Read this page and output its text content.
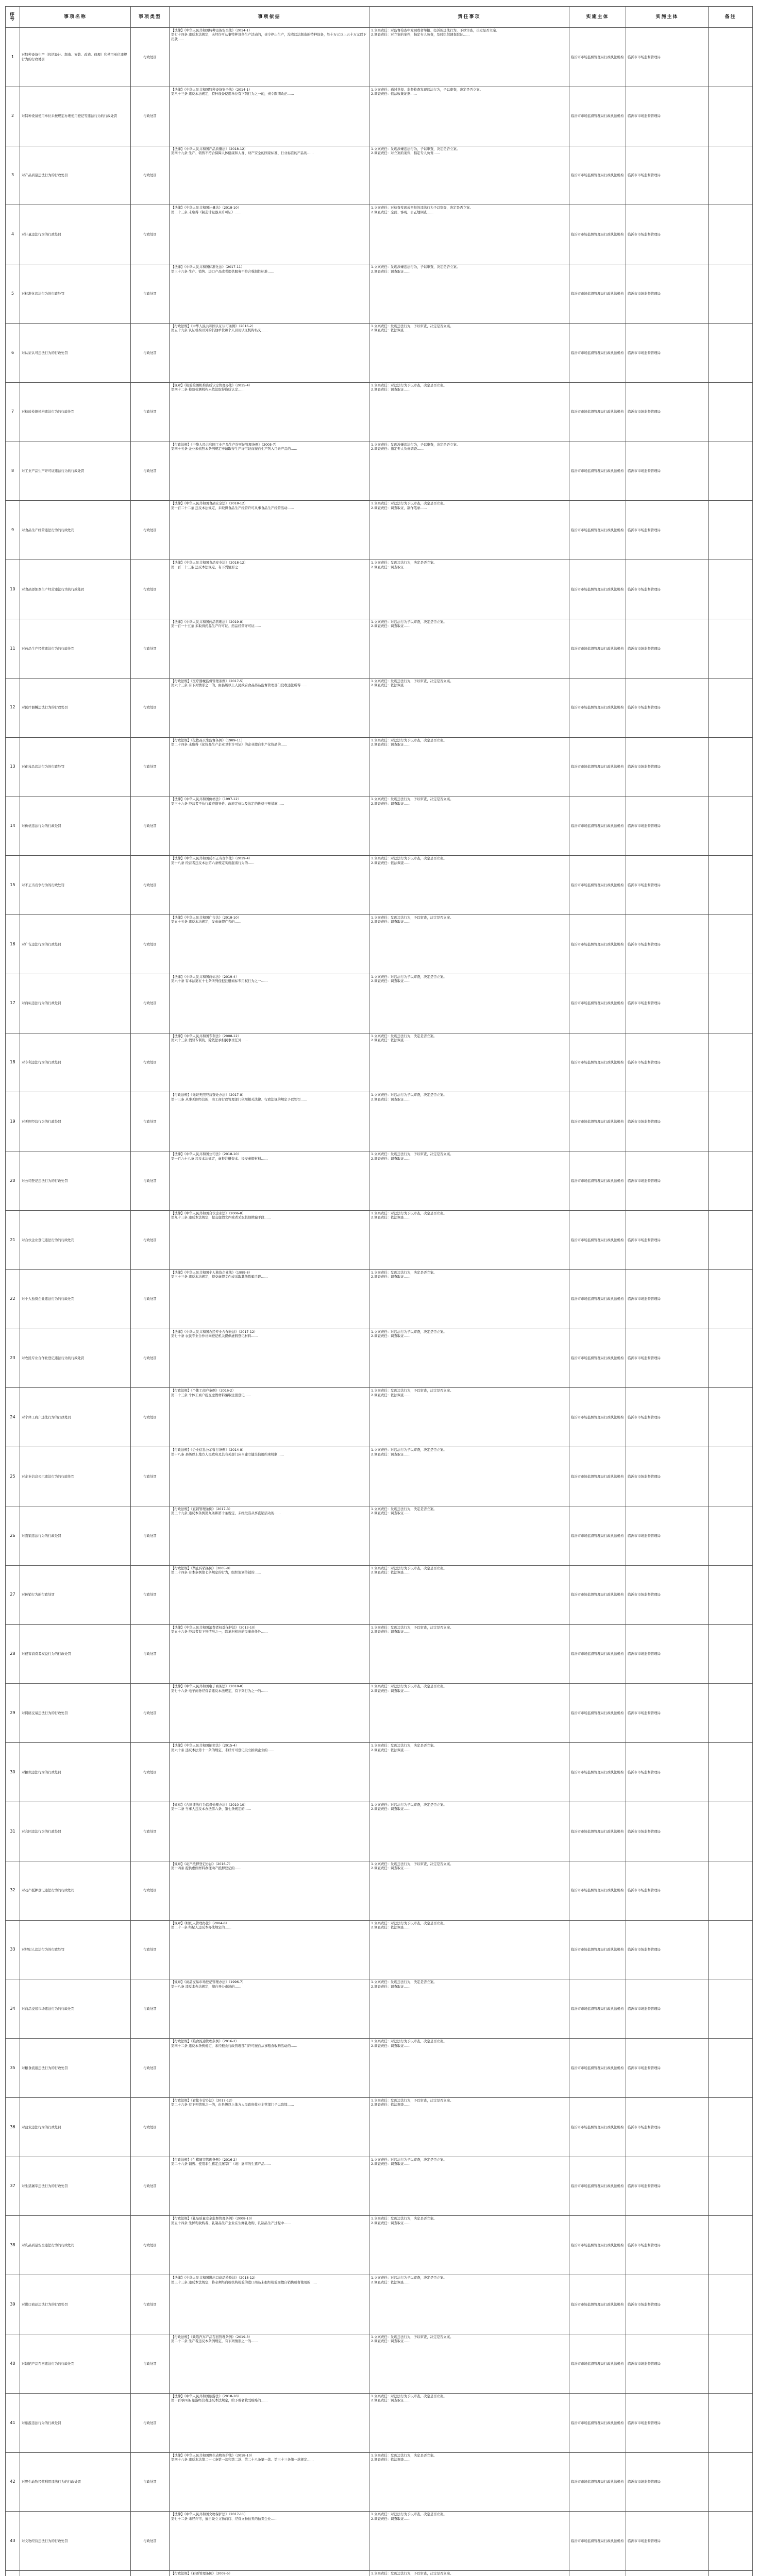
序号	事项名称	事项类型	事项依据	责任事项	实施主体	实施主体	备注
1	对特种设备生产（包括设计、制造、安装、改造、修理）和使用单位违规行为的行政处罚	行政处罚	【法律】《中华人民共和国特种设备安全法》（2014-1）
第七十四条 违反本法规定，未经许可从事特种设备生产活动的，责令停止生产，没收违法制造的特种设备，处十万元以上五十万元以下罚款……	1.立案责任：对监督检查中发现或者举报、投诉的违法行为，予以审查，决定是否立案。
2.调查责任：对立案的案件，指定专人负责，及时组织调查取证……	临沂市市场监督管理局行政执法机构	临沂市市场监督管理局	
2	对特种设备使用单位未按规定办理使用登记等违法行为的行政处罚	行政处罚	【法律】《中华人民共和国特种设备安全法》（2014-1）
第八十三条 违反本法规定，特种设备使用单位有下列行为之一的，责令限期改正……	1.立案责任：通过举报、监督检查发现违法行为，予以审查，决定是否立案。
2.调查责任：依法收集证据……	临沂市市场监督管理局行政执法机构	临沂市市场监督管理局	
3	对产品质量违法行为的行政处罚	行政处罚	【法律】《中华人民共和国产品质量法》（2018-12）
第四十九条 生产、销售不符合保障人体健康和人身、财产安全的国家标准、行业标准的产品的……	1.立案责任：发现涉嫌违法行为，予以审查，决定是否立案。
2.调查责任：对立案的案件，指定专人负责……	临沂市市场监督管理局行政执法机构	临沂市市场监督管理局	
4	对计量违法行为的行政处罚	行政处罚	【法律】《中华人民共和国计量法》（2018-10）
第二十三条 未取得《制造计量器具许可证》……	1.立案责任：对检查发现或举报的违法行为予以审查，决定是否立案。
2.调查责任：全面、客观、公正地调查……	临沂市市场监督管理局行政执法机构	临沂市市场监督管理局	
5	对标准化违法行为的行政处罚	行政处罚	【法律】《中华人民共和国标准化法》（2017-11）
第三十六条 生产、销售、进口产品或者提供服务不符合强制性标准……	1.立案责任：发现涉嫌违法行为，予以审查，决定是否立案。
2.调查责任：调查取证……	临沂市市场监督管理局行政执法机构	临沂市市场监督管理局	
6	对认证认可违法行为的行政处罚	行政处罚	【行政法规】《中华人民共和国认证认可条例》（2016-2）
第五十九条 认证机构以外的其他单位和个人冒用认证机构名义……	1.立案责任：发现违法行为，予以审查，决定是否立案。
2.调查责任：依法调查……	临沂市市场监督管理局行政执法机构	临沂市市场监督管理局	
7	对检验检测机构违法行为的行政处罚	行政处罚	【规章】《检验检测机构资质认定管理办法》（2015-4）
第四十二条 检验检测机构未依法取得资质认定……	1.立案责任：对违法行为予以审查，决定是否立案。
2.调查责任：调查取证……	临沂市市场监督管理局行政执法机构	临沂市市场监督管理局	
8	对工业产品生产许可证违法行为的行政处罚	行政处罚	【行政法规】《中华人民共和国工业产品生产许可证管理条例》（2005-7）
第四十五条 企业未依照本条例规定申请取得生产许可证而擅自生产列入目录产品的……	1.立案责任：发现涉嫌违法行为，予以审查，决定是否立案。
2.调查责任：指定专人负责调查……	临沂市市场监督管理局行政执法机构	临沂市市场监督管理局	
9	对食品生产经营违法行为的行政处罚	行政处罚	【法律】《中华人民共和国食品安全法》（2018-12）
第一百二十二条 违反本法规定，未取得食品生产经营许可从事食品生产经营活动……	1.立案责任：对违法行为予以审查，决定是否立案。
2.调查责任：调查取证，制作笔录……	临沂市市场监督管理局行政执法机构	临沂市市场监督管理局	
10	对食品添加剂生产经营违法行为的行政处罚	行政处罚	【法律】《中华人民共和国食品安全法》（2018-12）
第一百二十三条 违反本法规定，有下列情形之一……	1.立案责任：发现违法行为，决定是否立案。
2.调查责任：调查取证……	临沂市市场监督管理局行政执法机构	临沂市市场监督管理局	
11	对药品生产经营违法行为的行政处罚	行政处罚	【法律】《中华人民共和国药品管理法》（2019-8）
第一百一十五条 未取得药品生产许可证、药品经营许可证……	1.立案责任：对违法行为予以审查，决定是否立案。
2.调查责任：调查取证……	临沂市市场监督管理局行政执法机构	临沂市市场监督管理局	
12	对医疗器械违法行为的行政处罚	行政处罚	【行政法规】《医疗器械监督管理条例》（2017-5）
第六十三条 有下列情形之一的，由县级以上人民政府食品药品监督管理部门没收违法所得……	1.立案责任：发现违法行为，予以审查，决定是否立案。
2.调查责任：依法调查……	临沂市市场监督管理局行政执法机构	临沂市市场监督管理局	
13	对化妆品违法行为的行政处罚	行政处罚	【行政法规】《化妆品卫生监督条例》（1989-11）
第二十四条 未取得《化妆品生产企业卫生许可证》的企业擅自生产化妆品的……	1.立案责任：对违法行为予以审查，决定是否立案。
2.调查责任：调查取证……	临沂市市场监督管理局行政执法机构	临沂市市场监督管理局	
14	对价格违法行为的行政处罚	行政处罚	【法律】《中华人民共和国价格法》（1997-12）
第三十九条 经营者不执行政府指导价、政府定价以及法定的价格干预措施……	1.立案责任：发现违法行为，予以审查，决定是否立案。
2.调查责任：调查取证……	临沂市市场监督管理局行政执法机构	临沂市市场监督管理局	
15	对不正当竞争行为的行政处罚	行政处罚	【法律】《中华人民共和国反不正当竞争法》（2019-4）
第十八条 经营者违反本法第六条规定实施混淆行为的……	1.立案责任：对违法行为予以审查，决定是否立案。
2.调查责任：依法调查……	临沂市市场监督管理局行政执法机构	临沂市市场监督管理局	
16	对广告违法行为的行政处罚	行政处罚	【法律】《中华人民共和国广告法》（2018-10）
第五十五条 违反本法规定，发布虚假广告的……	1.立案责任：发现违法行为，予以审查，决定是否立案。
2.调查责任：调查取证……	临沂市市场监督管理局行政执法机构	临沂市市场监督管理局	
17	对商标违法行为的行政处罚	行政处罚	【法律】《中华人民共和国商标法》（2019-4）
第六十条 有本法第五十七条所列侵犯注册商标专用权行为之一……	1.立案责任：对违法行为予以审查，决定是否立案。
2.调查责任：调查取证……	临沂市市场监督管理局行政执法机构	临沂市市场监督管理局	
18	对专利违法行为的行政处罚	行政处罚	【法律】《中华人民共和国专利法》（2008-12）
第六十三条 假冒专利的，除依法承担民事责任外……	1.立案责任：发现违法行为，决定是否立案。
2.调查责任：依法调查……	临沂市市场监督管理局行政执法机构	临沂市市场监督管理局	
19	对无照经营行为的行政处罚	行政处罚	【行政法规】《无证无照经营查处办法》（2017-8）
第十三条 从事无照经营的，由工商行政管理部门依照相关法律、行政法规的规定予以处罚……	1.立案责任：对违法行为予以审查，决定是否立案。
2.调查责任：调查取证……	临沂市市场监督管理局行政执法机构	临沂市市场监督管理局	
20	对公司登记违法行为的行政处罚	行政处罚	【法律】《中华人民共和国公司法》（2018-10）
第一百九十八条 违反本法规定，虚报注册资本、提交虚假材料……	1.立案责任：发现违法行为，予以审查，决定是否立案。
2.调查责任：调查取证……	临沂市市场监督管理局行政执法机构	临沂市市场监督管理局	
21	对合伙企业登记违法行为的行政处罚	行政处罚	【法律】《中华人民共和国合伙企业法》（2006-8）
第九十三条 违反本法规定，提交虚假文件或者采取其他欺骗手段……	1.立案责任：对违法行为予以审查，决定是否立案。
2.调查责任：依法调查……	临沂市市场监督管理局行政执法机构	临沂市市场监督管理局	
22	对个人独资企业违法行为的行政处罚	行政处罚	【法律】《中华人民共和国个人独资企业法》（1999-8）
第三十三条 违反本法规定，提交虚假文件或采取其他欺骗手段……	1.立案责任：发现违法行为，决定是否立案。
2.调查责任：调查取证……	临沂市市场监督管理局行政执法机构	临沂市市场监督管理局	
23	对农民专业合作社登记违法行为的行政处罚	行政处罚	【法律】《中华人民共和国农民专业合作社法》（2017-12）
第七十条 农民专业合作社向登记机关提供虚假登记材料……	1.立案责任：对违法行为予以审查，决定是否立案。
2.调查责任：调查取证……	临沂市市场监督管理局行政执法机构	临沂市市场监督管理局	
24	对个体工商户违法行为的行政处罚	行政处罚	【行政法规】《个体工商户条例》（2016-2）
第二十三条 个体工商户提交虚假材料骗取注册登记……	1.立案责任：发现违法行为，予以审查，决定是否立案。
2.调查责任：依法调查……	临沂市市场监督管理局行政执法机构	临沂市市场监督管理局	
25	对企业信息公示违法行为的行政处罚	行政处罚	【行政法规】《企业信息公示暂行条例》（2014-8）
第十八条 县级以上地方人民政府及其有关部门应当建立健全信用约束机制……	1.立案责任：对违法行为予以审查，决定是否立案。
2.调查责任：调查取证……	临沂市市场监督管理局行政执法机构	临沂市市场监督管理局	
26	对直销违法行为的行政处罚	行政处罚	【行政法规】《直销管理条例》（2017-3）
第三十九条 违反本条例第九条和第十条规定，未经批准从事直销活动的……	1.立案责任：发现违法行为，决定是否立案。
2.调查责任：调查取证……	临沂市市场监督管理局行政执法机构	临沂市市场监督管理局	
27	对传销行为的行政处罚	行政处罚	【行政法规】《禁止传销条例》（2005-8）
第二十四条 有本条例第七条规定的行为，组织策划传销的……	1.立案责任：对违法行为予以审查，决定是否立案。
2.调查责任：依法调查……	临沂市市场监督管理局行政执法机构	临沂市市场监督管理局	
28	对侵害消费者权益行为的行政处罚	行政处罚	【法律】《中华人民共和国消费者权益保护法》（2013-10）
第五十六条 经营者有下列情形之一，除承担相应的民事责任外……	1.立案责任：发现违法行为，予以审查，决定是否立案。
2.调查责任：调查取证……	临沂市市场监督管理局行政执法机构	临沂市市场监督管理局	
29	对网络交易违法行为的行政处罚	行政处罚	【法律】《中华人民共和国电子商务法》（2018-8）
第七十六条 电子商务经营者违反本法规定，有下列行为之一的……	1.立案责任：对违法行为予以审查，决定是否立案。
2.调查责任：调查取证……	临沂市市场监督管理局行政执法机构	临沂市市场监督管理局	
30	对拍卖违法行为的行政处罚	行政处罚	【法律】《中华人民共和国拍卖法》（2015-4）
第六十条 违反本法第十一条的规定，未经许可登记设立拍卖企业的……	1.立案责任：发现违法行为，决定是否立案。
2.调查责任：依法调查……	临沂市市场监督管理局行政执法机构	临沂市市场监督管理局	
31	对合同违法行为的行政处罚	行政处罚	【规章】《合同违法行为监督处理办法》（2010-10）
第十二条 当事人违反本办法第六条、第七条规定的……	1.立案责任：对违法行为予以审查，决定是否立案。
2.调查责任：调查取证……	临沂市市场监督管理局行政执法机构	临沂市市场监督管理局	
32	对动产抵押登记违法行为的行政处罚	行政处罚	【规章】《动产抵押登记办法》（2016-7）
第十四条 提供虚假材料办理动产抵押登记的……	1.立案责任：发现违法行为，予以审查，决定是否立案。
2.调查责任：调查取证……	临沂市市场监督管理局行政执法机构	临沂市市场监督管理局	
33	对经纪人违法行为的行政处罚	行政处罚	【规章】《经纪人管理办法》（2004-8）
第二十一条 经纪人违反本办法规定的……	1.立案责任：对违法行为予以审查，决定是否立案。
2.调查责任：依法调查……	临沂市市场监督管理局行政执法机构	临沂市市场监督管理局	
34	对商品交易市场违法行为的行政处罚	行政处罚	【规章】《商品交易市场登记管理办法》（1996-7）
第十八条 违反本办法规定，擅自开办市场的……	1.立案责任：发现违法行为，决定是否立案。
2.调查责任：调查取证……	临沂市市场监督管理局行政执法机构	临沂市市场监督管理局	
35	对粮食流通违法行为的行政处罚	行政处罚	【行政法规】《粮食流通管理条例》（2016-2）
第四十二条 违反本条例规定，未经粮食行政管理部门许可擅自从事粮食收购活动的……	1.立案责任：对违法行为予以审查，决定是否立案。
2.调查责任：调查取证……	临沂市市场监督管理局行政执法机构	临沂市市场监督管理局	
36	对盐业违法行为的行政处罚	行政处罚	【行政法规】《食盐专营办法》（2017-12）
第二十六条 有下列情形之一的，由县级以上地方人民政府盐业主管部门予以取缔……	1.立案责任：发现违法行为，予以审查，决定是否立案。
2.调查责任：依法调查……	临沂市市场监督管理局行政执法机构	临沂市市场监督管理局	
37	对生猪屠宰违法行为的行政处罚	行政处罚	【行政法规】《生猪屠宰管理条例》（2016-2）
第二十八条 销售、使用非生猪定点屠宰厂（场）屠宰的生猪产品……	1.立案责任：对违法行为予以审查，决定是否立案。
2.调查责任：调查取证……	临沂市市场监督管理局行政执法机构	临沂市市场监督管理局	
38	对乳品质量安全违法行为的行政处罚	行政处罚	【行政法规】《乳品质量安全监督管理条例》（2008-10）
第五十四条 生鲜乳收购者、乳制品生产企业在生鲜乳收购、乳制品生产过程中……	1.立案责任：发现违法行为，决定是否立案。
2.调查责任：调查取证……	临沂市市场监督管理局行政执法机构	临沂市市场监督管理局	
39	对进口商品违法行为的行政处罚	行政处罚	【法律】《中华人民共和国进出口商品检验法》（2018-12）
第三十三条 违反本法规定，将必须经商检机构检验的进口商品未报经检验而擅自销售或者使用的……	1.立案责任：对违法行为予以审查，决定是否立案。
2.调查责任：依法调查……	临沂市市场监督管理局行政执法机构	临沂市市场监督管理局	
40	对缺陷产品召回违法行为的行政处罚	行政处罚	【行政法规】《缺陷汽车产品召回管理条例》（2019-3）
第二十二条 生产者违反本条例规定，有下列情形之一的……	1.立案责任：发现违法行为，予以审查，决定是否立案。
2.调查责任：调查取证……	临沂市市场监督管理局行政执法机构	临沂市市场监督管理局	
41	对旅游违法行为的行政处罚	行政处罚	【法律】《中华人民共和国旅游法》（2018-10）
第一百零四条 旅游经营者违反本法规定，给予或者收受贿赂的……	1.立案责任：对违法行为予以审查，决定是否立案。
2.调查责任：调查取证……	临沂市市场监督管理局行政执法机构	临沂市市场监督管理局	
42	对野生动物经营利用违法行为的行政处罚	行政处罚	【法律】《中华人民共和国野生动物保护法》（2018-10）
第四十八条 违反本法第二十七条第一款和第二款、第二十八条第一款、第三十三条第一款规定……	1.立案责任：发现违法行为，决定是否立案。
2.调查责任：依法调查……	临沂市市场监督管理局行政执法机构	临沂市市场监督管理局	
43	对文物经营违法行为的行政处罚	行政处罚	【法律】《中华人民共和国文物保护法》（2017-11）
第七十二条 未经许可，擅自设立文物商店、经营文物拍卖的拍卖企业……	1.立案责任：对违法行为予以审查，决定是否立案。
2.调查责任：调查取证……	临沂市市场监督管理局行政执法机构	临沂市市场监督管理局	
			【行政法规】《彩票管理条例》（2009-5）	1.立案责任：发现违法行为，予以审查，决定是否立案。
